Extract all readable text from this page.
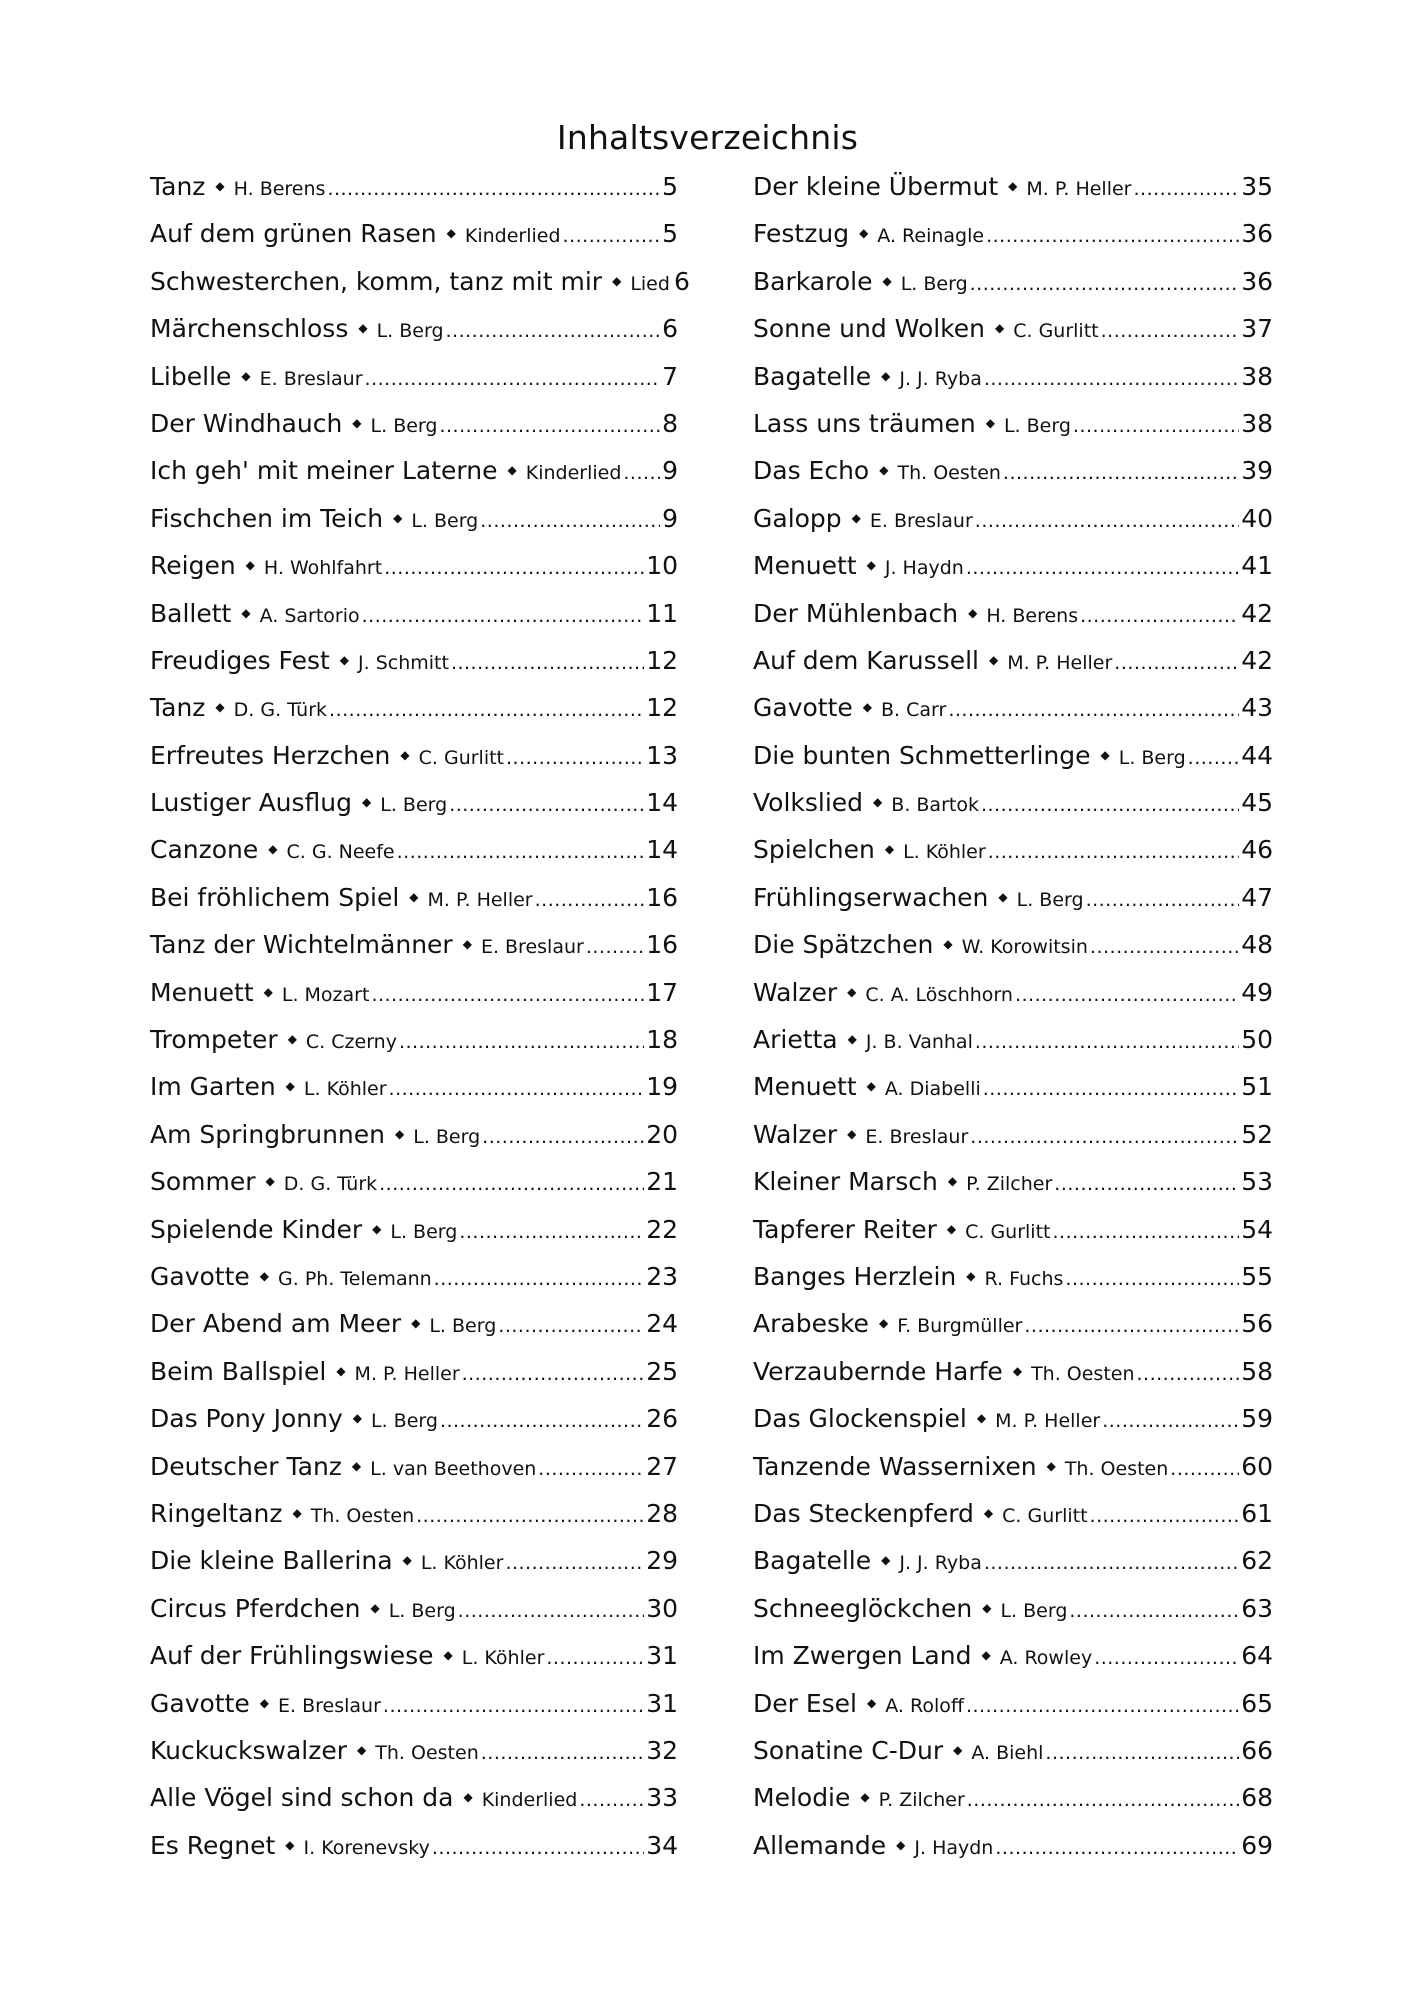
Inhaltsverzeichnis
Tanz ◆ H. Berens .....	5
Auf dem grünen Rasen ◆ Kinderlied .....	5
Schwesterchen, komm, tanz mit mir ◆ Lied 6
Märchenschloss ◆ L. Berg .....	6
Libelle ◆ E. Breslaur .....	7
Der Windhauch ◆ L. Berg .....	8
Ich geh' mit meiner Laterne ◆ Kinderlied ..... 9
Fischchen im Teich ◆ L. Berg .....	9
Reigen ◆ H. Wohlfahrt .....	10
Ballett ◆ A. Sartorio .....	11
Freudiges Fest ◆ J. Schmitt .....	12
Tanz ◆ D. G. Türk .....	12
Erfreutes Herzchen ◆ C. Gurlitt .....	13
Lustiger Ausflug ◆ L. Berg .....	14
Canzone ◆ C. G. Neefe .....	14
Bei fröhlichem Spiel ◆ M. P. Heller .....	16
Tanz der Wichtelmänner ◆ E. Breslaur ..... 16
Menuett ◆ L. Mozart .....	17
Trompeter ◆ C. Czerny .....	18
Im Garten ◆ L. Köhler .....	19
Am Springbrunnen ◆ L. Berg .....	20
Sommer ◆ D. G. Türk .....	21
Spielende Kinder ◆ L. Berg .....	22
Gavotte ◆ G. Ph. Telemann .....	23
Der Abend am Meer ◆ L. Berg .....	24
Beim Ballspiel ◆ M. P. Heller .....	25
Das Pony Jonny ◆ L. Berg .....	26
Deutscher Tanz ◆ L. van Beethoven .....	27
Ringeltanz ◆ Th. Oesten .....	28
Die kleine Ballerina ◆ L. Köhler .....	29
Circus Pferdchen ◆ L. Berg .....	30
Auf der Frühlingswiese ◆ L. Köhler .....	31
Gavotte ◆ E. Breslaur .....	31
Kuckuckswalzer ◆ Th. Oesten .....	32
Alle Vögel sind schon da ◆ Kinderlied .....	33
Es Regnet ◆ I. Korenevsky .....	34
Der kleine Übermut ◆ M. P. Heller .....	35
Festzug ◆ A. Reinagle .....	36
Barkarole ◆ L. Berg .....	36
Sonne und Wolken ◆ C. Gurlitt .....	37
Bagatelle ◆ J. J. Ryba .....	38
Lass uns träumen ◆ L. Berg .....	38
Das Echo ◆ Th. Oesten .....	39
Galopp ◆ E. Breslaur .....	40
Menuett ◆ J. Haydn .....	41
Der Mühlenbach ◆ H. Berens .....	42
Auf dem Karussell ◆ M. P. Heller .....	42
Gavotte ◆ B. Carr .....	43
Die bunten Schmetterlinge ◆ L. Berg ..... 44
Volkslied ◆ B. Bartok .....	45
Spielchen ◆ L. Köhler .....	46
Frühlingserwachen ◆ L. Berg .....	47
Die Spätzchen ◆ W. Korowitsin .....	48
Walzer ◆ C. A. Löschhorn .....	49
Arietta ◆ J. B. Vanhal .....	50
Menuett ◆ A. Diabelli .....	51
Walzer ◆ E. Breslaur .....	52
Kleiner Marsch ◆ P. Zilcher .....	53
Tapferer Reiter ◆ C. Gurlitt .....	54
Banges Herzlein ◆ R. Fuchs .....	55
Arabeske ◆ F. Burgmüller .....	56
Verzaubernde Harfe ◆ Th. Oesten .....	58
Das Glockenspiel ◆ M. P. Heller .....	59
Tanzende Wassernixen ◆ Th. Oesten .....	60
Das Steckenpferd ◆ C. Gurlitt .....	61
Bagatelle ◆ J. J. Ryba .....	62
Schneeglöckchen ◆ L. Berg .....	63
Im Zwergen Land ◆ A. Rowley .....	64
Der Esel ◆ A. Roloff .....	65
Sonatine C-Dur ◆ A. Biehl .....	66
Melodie ◆ P. Zilcher .....	68
Allemande ◆ J. Haydn .....	69
